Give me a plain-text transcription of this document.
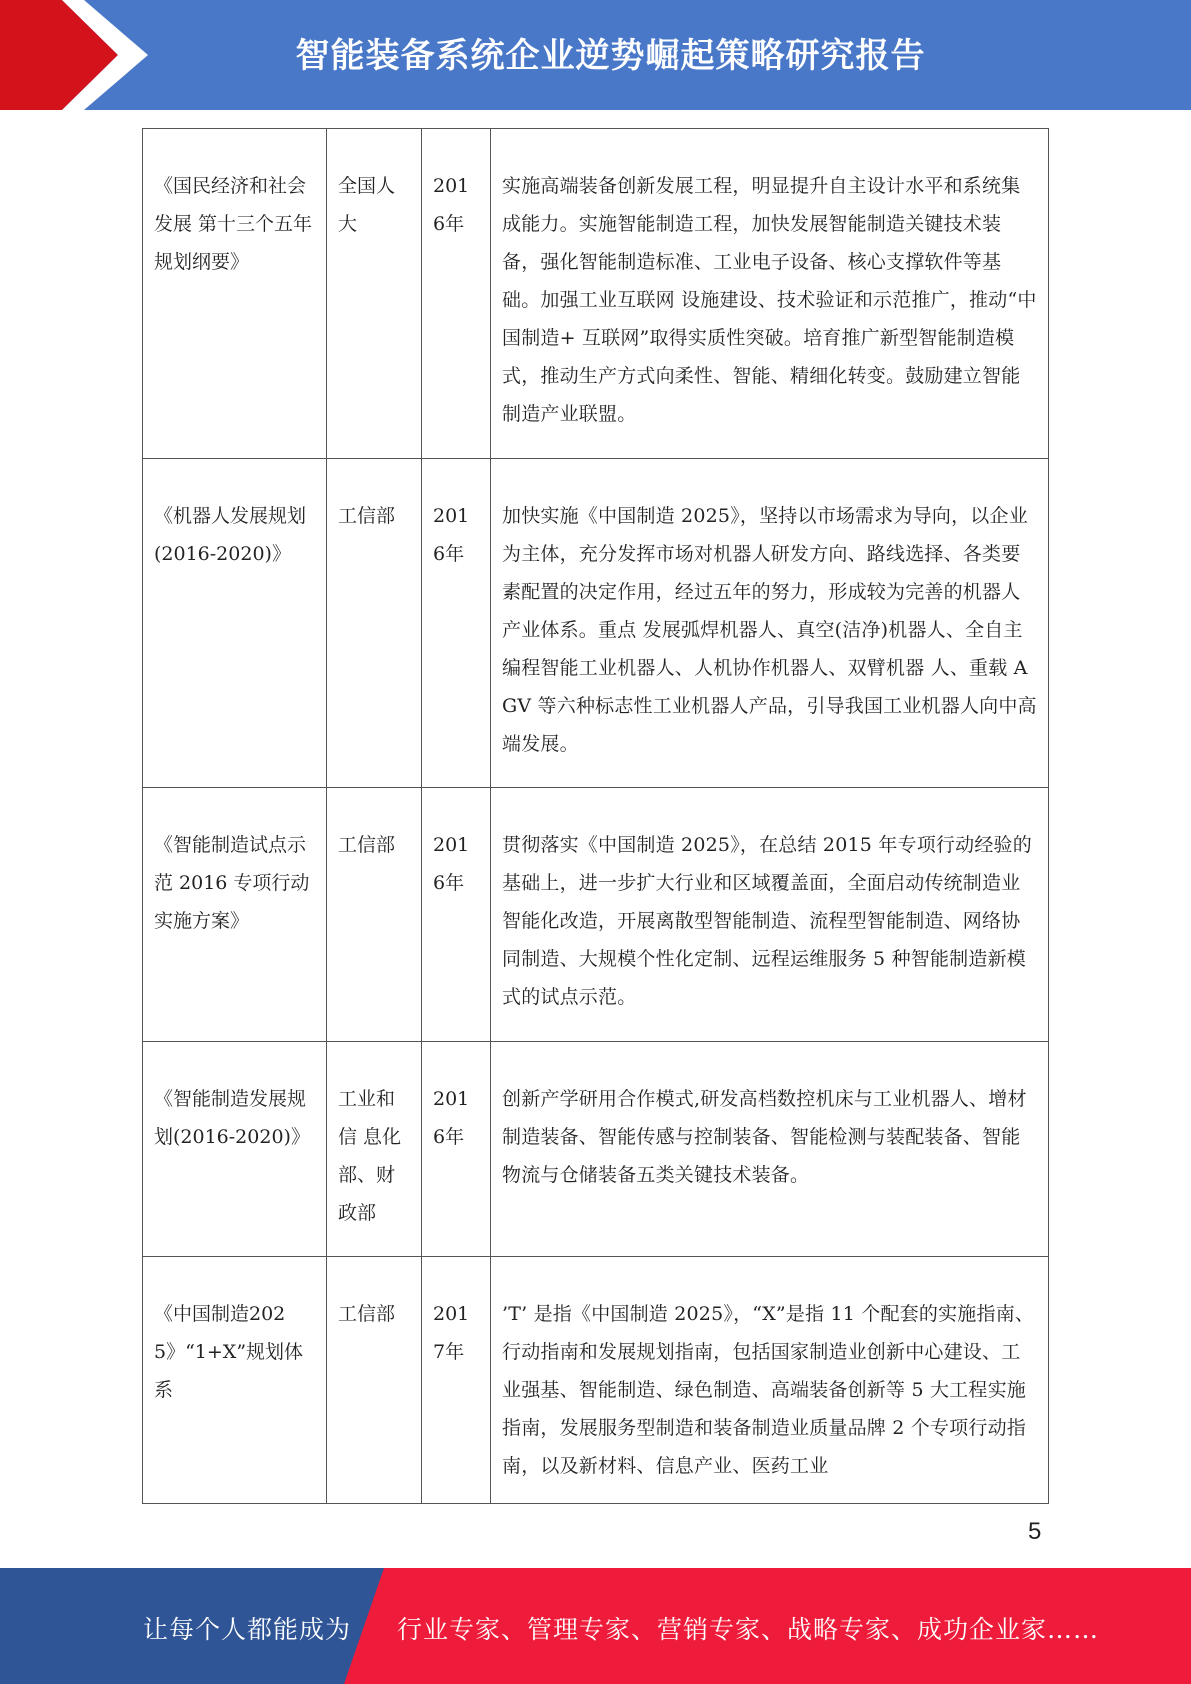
智能装备系统企业逆势崛起策略研究报告
《国民经济和社会发展 第十三个五年规划纲要》	全国人大	2016年	实施高端装备创新发展工程，明显提升自主设计水平和系统集成能力。实施智能制造工程，加快发展智能制造关键技术装备，强化智能制造标准、工业电子设备、核心支撑软件等基础。加强工业互联网 设施建设、技术验证和示范推广，推动“中国制造+ 互联网”取得实质性突破。培育推广新型智能制造模式，推动生产方式向柔性、智能、精细化转变。鼓励建立智能制造产业联盟。
《机器人发展规划(2016-2020)》	工信部	2016年	加快实施《中国制造 2025》，坚持以市场需求为导向，以企业为主体，充分发挥市场对机器人研发方向、路线选择、各类要素配置的决定作用，经过五年的努力，形成较为完善的机器人产业体系。重点 发展弧焊机器人、真空(洁净)机器人、全自主编程智能工业机器人、人机协作机器人、双臂机器 人、重载 AGV 等六种标志性工业机器人产品，引导我国工业机器人向中高端发展。
《智能制造试点示范 2016 专项行动实施方案》	工信部	2016年	贯彻落实《中国制造 2025》，在总结 2015 年专项行动经验的基础上，进一步扩大行业和区域覆盖面，全面启动传统制造业智能化改造，开展离散型智能制造、流程型智能制造、网络协同制造、大规模个性化定制、远程运维服务 5 种智能制造新模式的试点示范。
《智能制造发展规划(2016-2020)》	工业和信 息化部、财政部	2016年	创新产学研用合作模式,研发高档数控机床与工业机器人、增材制造装备、智能传感与控制装备、智能检测与装配装备、智能物流与仓储装备五类关键技术装备。
《中国制造2025》“1+X”规划体系	工信部	2017年	’T’ 是指《中国制造 2025》，“X”是指 11 个配套的实施指南、行动指南和发展规划指南，包括国家制造业创新中心建设、工业强基、智能制造、绿色制造、高端装备创新等 5 大工程实施指南，发展服务型制造和装备制造业质量品牌 2 个专项行动指南，以及新材料、信息产业、医药工业
5
让每个人都能成为 行业专家、管理专家、营销专家、战略专家、成功企业家……
